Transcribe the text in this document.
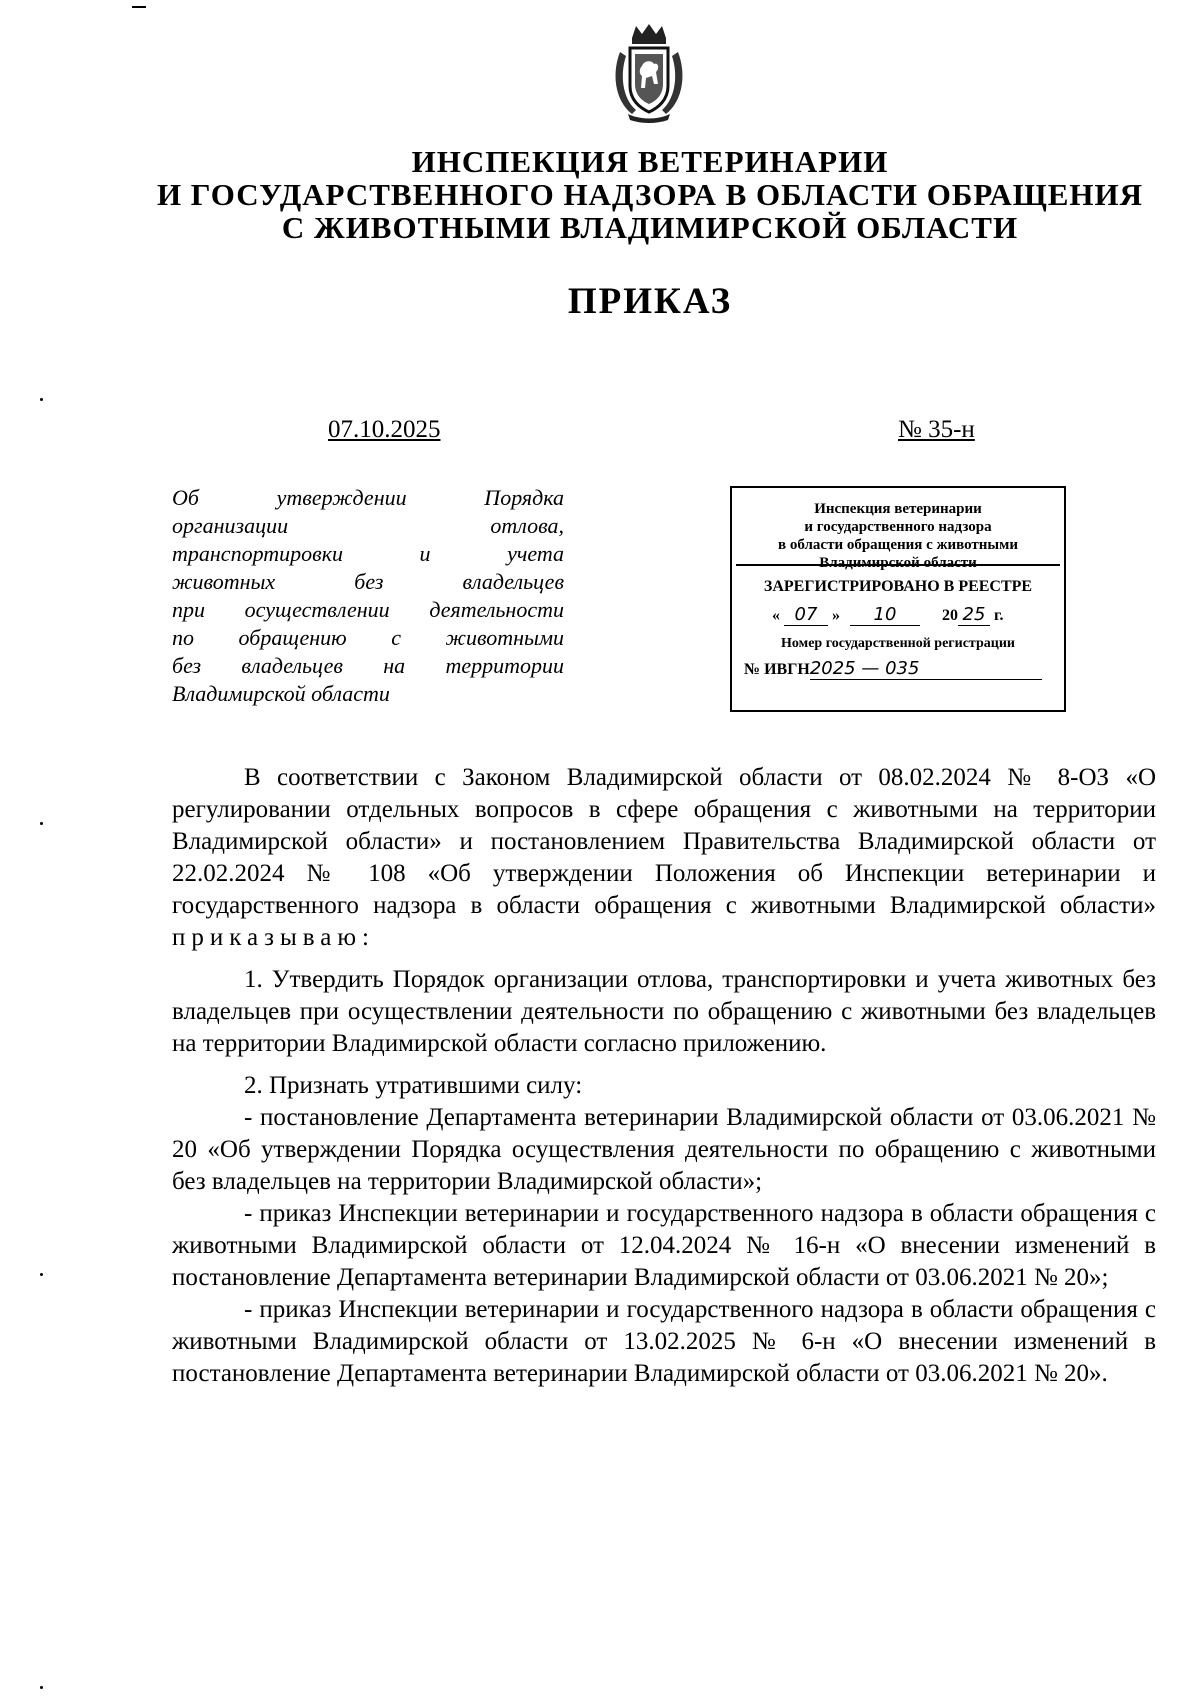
ИНСПЕКЦИЯ ВЕТЕРИНАРИИ
И ГОСУДАРСТВЕННОГО НАДЗОРА В ОБЛАСТИ ОБРАЩЕНИЯ
С ЖИВОТНЫМИ ВЛАДИМИРСКОЙ ОБЛАСТИ
ПРИКАЗ
07.10.2025	№ 35-н
Об утверждении Порядка
организации отлова,
транспортировки и учета
животных без владельцев
при осуществлении деятельности
по обращению с животными
без владельцев на территории
Владимирской области
Инспекция ветеринарии
и государственного надзора
в области обращения с животными
Владимирской области
ЗАРЕГИСТРИРОВАНО В РЕЕСТРЕ
« 07 » 10	20 25 г.
Номер государственной регистрации
№ ИВГН2025 — 035

В соответствии с Законом Владимирской области от 08.02.2024 № 8-ОЗ «О регулировании отдельных вопросов в сфере обращения с животными на территории Владимирской области» и постановлением Правительства Владимирской области от 22.02.2024 № 108 «Об утверждении Положения об Инспекции ветеринарии и государственного надзора в области обращения с животными Владимирской области» приказываю:

1. Утвердить Порядок организации отлова, транспортировки и учета животных без владельцев при осуществлении деятельности по обращению с животными без владельцев на территории Владимирской области согласно приложению.

2. Признать утратившими силу:

- постановление Департамента ветеринарии Владимирской области от 03.06.2021 № 20 «Об утверждении Порядка осуществления деятельности по обращению с животными без владельцев на территории Владимирской области»;

- приказ Инспекции ветеринарии и государственного надзора в области обращения с животными Владимирской области от 12.04.2024 № 16-н «О внесении изменений в постановление Департамента ветеринарии Владимирской области от 03.06.2021 № 20»;

- приказ Инспекции ветеринарии и государственного надзора в области обращения с животными Владимирской области от 13.02.2025 № 6-н «О внесении изменений в постановление Департамента ветеринарии Владимирской области от 03.06.2021 № 20».
